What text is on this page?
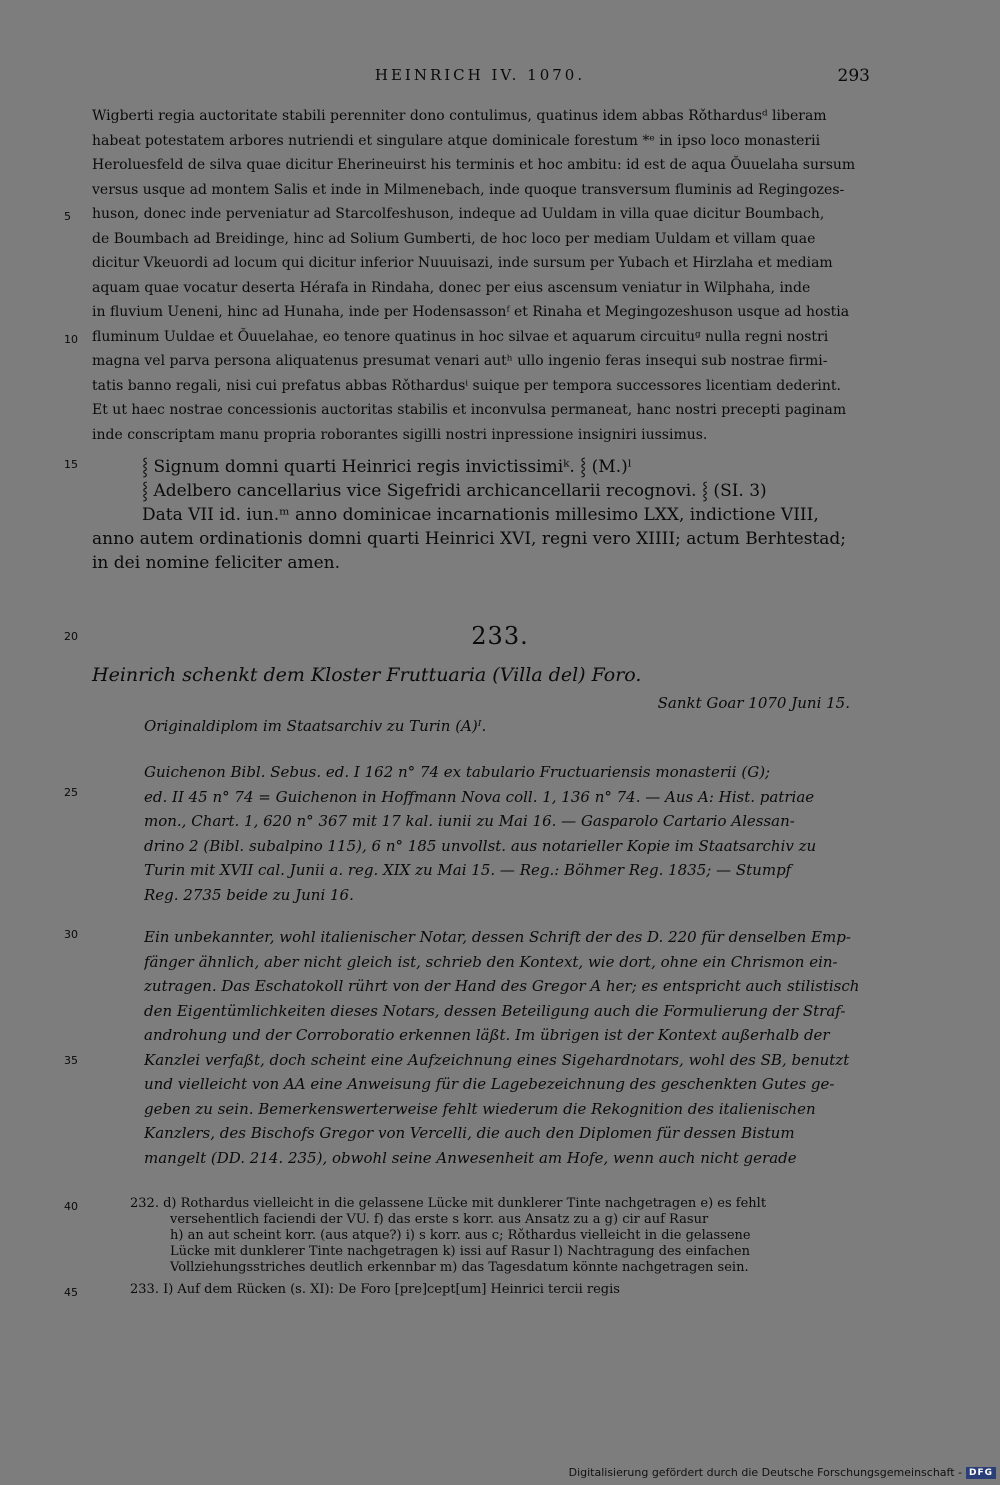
HEINRICH IV. 1070.	293
5
10
15
20
25
30
35
40
45
Wigberti regia auctoritate stabili perenniter dono contulimus, quatinus idem abbas Rǒthardusᵈ liberam
habeat potestatem arbores nutriendi et singulare atque dominicale forestum *ᵉ in ipso loco monasterii
Heroluesfeld de silva quae dicitur Eherineuirst his terminis et hoc ambitu: id est de aqua Ŏuuelaha sursum
versus usque ad montem Salis et inde in Milmenebach, inde quoque transversum fluminis ad Regingozes-
huson, donec inde perveniatur ad Starcolfeshuson, indeque ad Uuldam in villa quae dicitur Boumbach,
de Boumbach ad Breidinge, hinc ad Solium Gumberti, de hoc loco per mediam Uuldam et villam quae
dicitur Vkeuordi ad locum qui dicitur inferior Nuuuisazi, inde sursum per Yubach et Hirzlaha et mediam
aquam quae vocatur deserta Hérafa in Rindaha, donec per eius ascensum veniatur in Wilphaha, inde
in fluvium Ueneni, hinc ad Hunaha, inde per Hodensassonᶠ et Rinaha et Megingozeshuson usque ad hostia
fluminum Uuldae et Ŏuuelahae, eo tenore quatinus in hoc silvae et aquarum circuituᵍ nulla regni nostri
magna vel parva persona aliquatenus presumat venari autʰ ullo ingenio feras insequi sub nostrae firmi-
tatis banno regali, nisi cui prefatus abbas Rǒthardusⁱ suique per tempora successores licentiam dederint.
Et ut haec nostrae concessionis auctoritas stabilis et inconvulsa permaneat, hanc nostri precepti paginam
inde conscriptam manu propria roborantes sigilli nostri inpressione insigniri iussimus.
⸾ Signum domni quarti Heinrici regis invictissimiᵏ. ⸾ (M.)ˡ
⸾ Adelbero cancellarius vice Sigefridi archicancellarii recognovi. ⸾ (SI. 3)
Data VII id. iun.ᵐ anno dominicae incarnationis millesimo LXX, indictione VIII,
anno autem ordinationis domni quarti Heinrici XVI, regni vero XIIII; actum Berhtestad;
in dei nomine feliciter amen.
233.
Heinrich schenkt dem Kloster Fruttuaria (Villa del) Foro.
Sankt Goar 1070 Juni 15.
Originaldiplom im Staatsarchiv zu Turin (A)ᴵ.
Guichenon Bibl. Sebus. ed. I 162 n° 74 ex tabulario Fructuariensis monasterii (G);
ed. II 45 n° 74 = Guichenon in Hoffmann Nova coll. 1, 136 n° 74. — Aus A: Hist. patriae
mon., Chart. 1, 620 n° 367 mit 17 kal. iunii zu Mai 16. — Gasparolo Cartario Alessan-
drino 2 (Bibl. subalpino 115), 6 n° 185 unvollst. aus notarieller Kopie im Staatsarchiv zu
Turin mit XVII cal. Junii a. reg. XIX zu Mai 15. — Reg.: Böhmer Reg. 1835; — Stumpf
Reg. 2735 beide zu Juni 16.
Ein unbekannter, wohl italienischer Notar, dessen Schrift der des D. 220 für denselben Emp-
fänger ähnlich, aber nicht gleich ist, schrieb den Kontext, wie dort, ohne ein Chrismon ein-
zutragen. Das Eschatokoll rührt von der Hand des Gregor A her; es entspricht auch stilistisch
den Eigentümlichkeiten dieses Notars, dessen Beteiligung auch die Formulierung der Straf-
androhung und der Corroboratio erkennen läßt. Im übrigen ist der Kontext außerhalb der
Kanzlei verfaßt, doch scheint eine Aufzeichnung eines Sigehardnotars, wohl des SB, benutzt
und vielleicht von AA eine Anweisung für die Lagebezeichnung des geschenkten Gutes ge-
geben zu sein. Bemerkenswerterweise fehlt wiederum die Rekognition des italienischen
Kanzlers, des Bischofs Gregor von Vercelli, die auch den Diplomen für dessen Bistum
mangelt (DD. 214. 235), obwohl seine Anwesenheit am Hofe, wenn auch nicht gerade
232. d) Rothardus vielleicht in die gelassene Lücke mit dunklerer Tinte nachgetragen e) es fehlt
versehentlich faciendi der VU. f) das erste s korr. aus Ansatz zu a g) cir auf Rasur
h) an aut scheint korr. (aus atque?) i) s korr. aus c; Rǒthardus vielleicht in die gelassene
Lücke mit dunklerer Tinte nachgetragen k) issi auf Rasur l) Nachtragung des einfachen
Vollziehungsstriches deutlich erkennbar m) das Tagesdatum könnte nachgetragen sein.
233. I) Auf dem Rücken (s. XI): De Foro [pre]cept[um] Heinrici tercii regis
Digitalisierung gefördert durch die Deutsche Forschungsgemeinschaft - DFG
